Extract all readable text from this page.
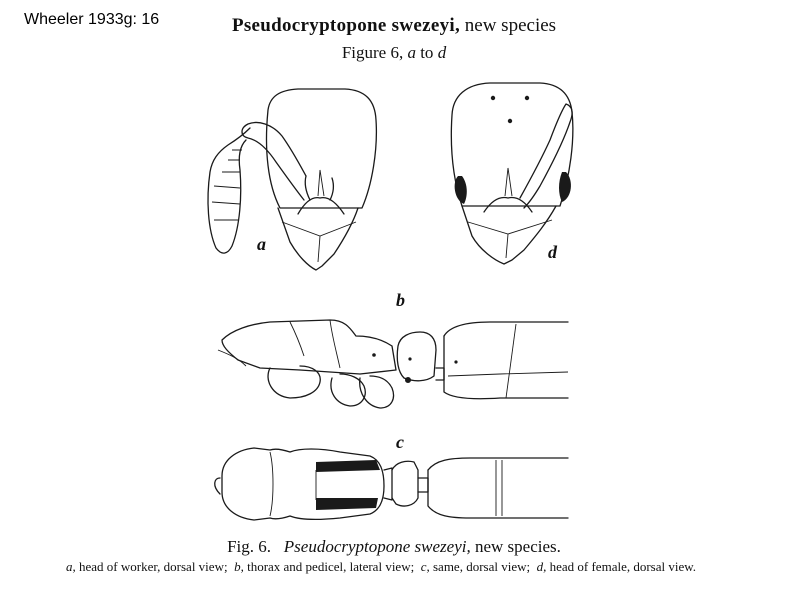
Wheeler 1933g: 16	Pseudocryptopone swezeyi, new species
Figure 6, a to d
a	d
b
c
Fig. 6. Pseudocryptopone swezeyi, new species.
a, head of worker, dorsal view; b, thorax and pedicel, lateral view; c, same, dorsal view; d, head of female, dorsal view.
